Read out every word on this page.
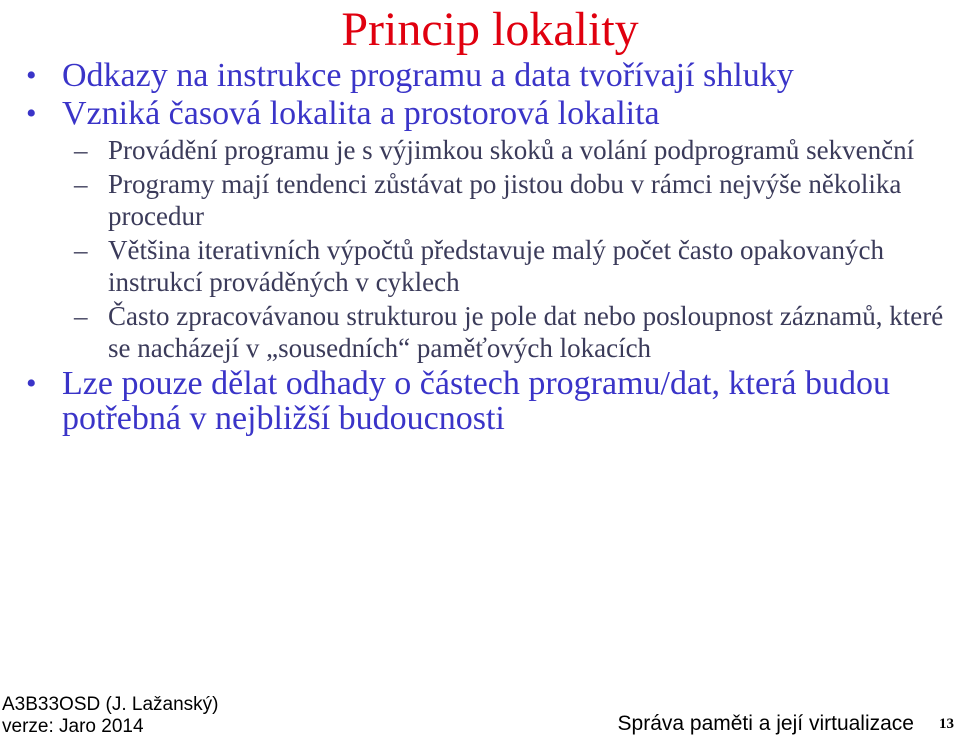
Princip lokality
• Odkazy na instrukce programu a data tvořívají shluky
• Vzniká časová lokalita a prostorová lokalita
– Provádění programu je s výjimkou skoků a volání podprogramů sekvenční
– Programy mají tendenci zůstávat po jistou dobu v rámci nejvýše několika procedur
– Většina iterativních výpočtů představuje malý počet často opakovaných instrukcí prováděných v cyklech
– Často zpracovávanou strukturou je pole dat nebo posloupnost záznamů, které se nacházejí v „sousedních“ paměťových lokacích
• Lze pouze dělat odhady o částech programu/dat, která budou potřebná v nejbližší budoucnosti
A3B33OSD (J. Lažanský)
verze: Jaro 2014	Správa paměti a její virtualizace 13
